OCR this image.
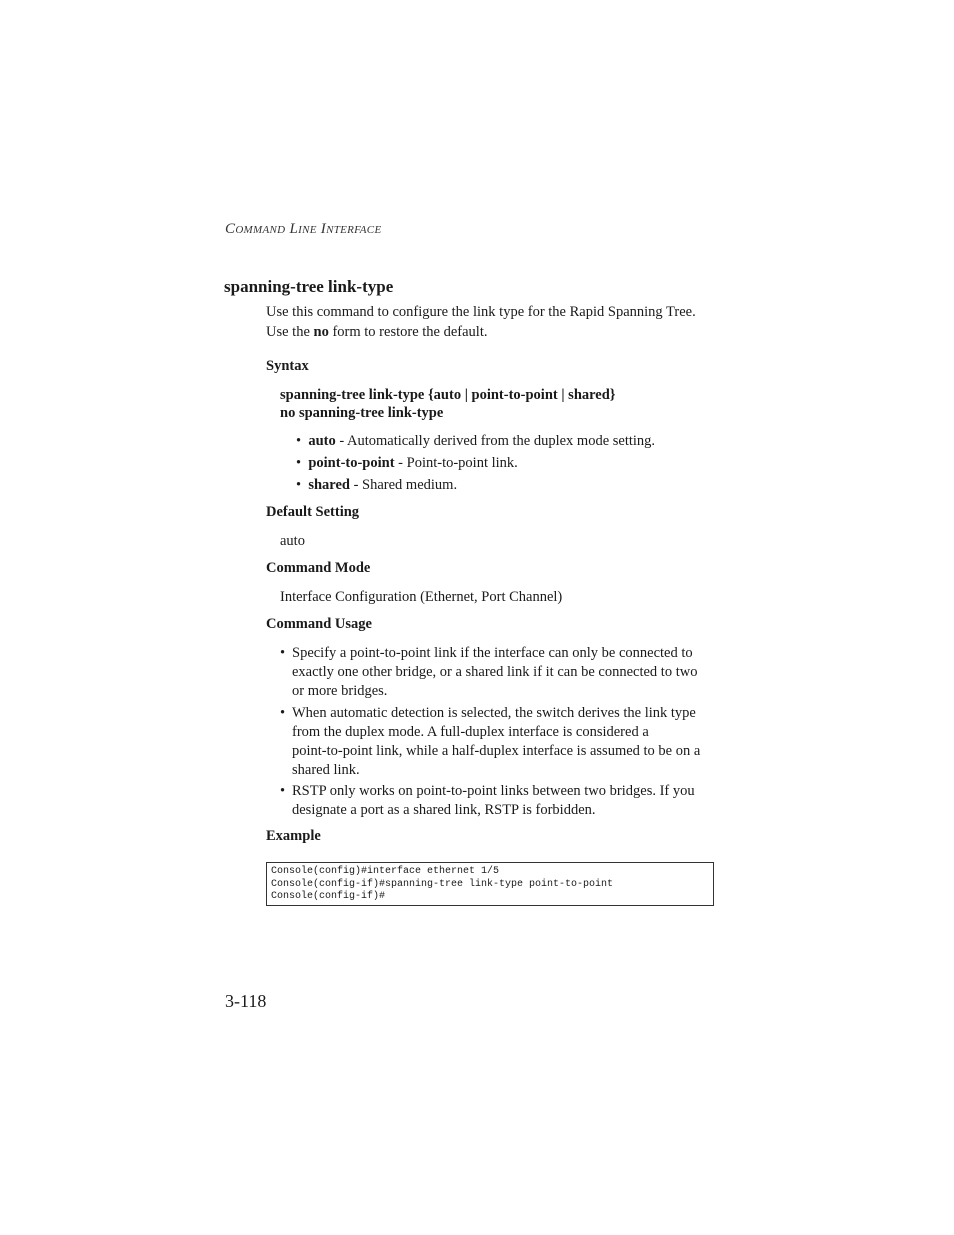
COMMAND LINE INTERFACE
spanning-tree link-type
Use this command to configure the link type for the Rapid Spanning Tree.
Use the no form to restore the default.
Syntax
spanning-tree link-type {auto | point-to-point | shared}
no spanning-tree link-type
•  auto - Automatically derived from the duplex mode setting.
•  point-to-point - Point-to-point link.
•  shared - Shared medium.
Default Setting
auto
Command Mode
Interface Configuration (Ethernet, Port Channel)
Command Usage
• Specify a point-to-point link if the interface can only be connected to
exactly one other bridge, or a shared link if it can be connected to two
or more bridges.
• When automatic detection is selected, the switch derives the link type
from the duplex mode. A full-duplex interface is considered a
point-to-point link, while a half-duplex interface is assumed to be on a
shared link.
• RSTP only works on point-to-point links between two bridges. If you
designate a port as a shared link, RSTP is forbidden.
Example
Console(config)#interface ethernet 1/5
Console(config-if)#spanning-tree link-type point-to-point
Console(config-if)#
3-118
